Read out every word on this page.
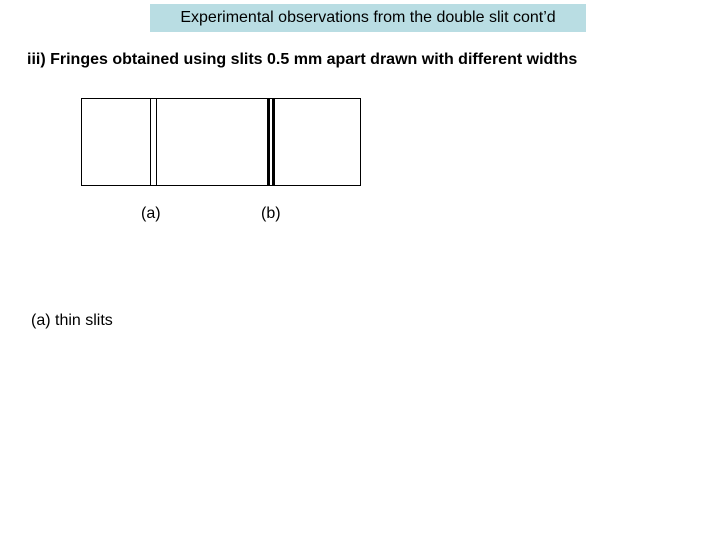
Experimental observations from the double slit cont’d
iii) Fringes obtained using slits 0.5 mm apart drawn with different widths
(a)	(b)
(a) thin slits
